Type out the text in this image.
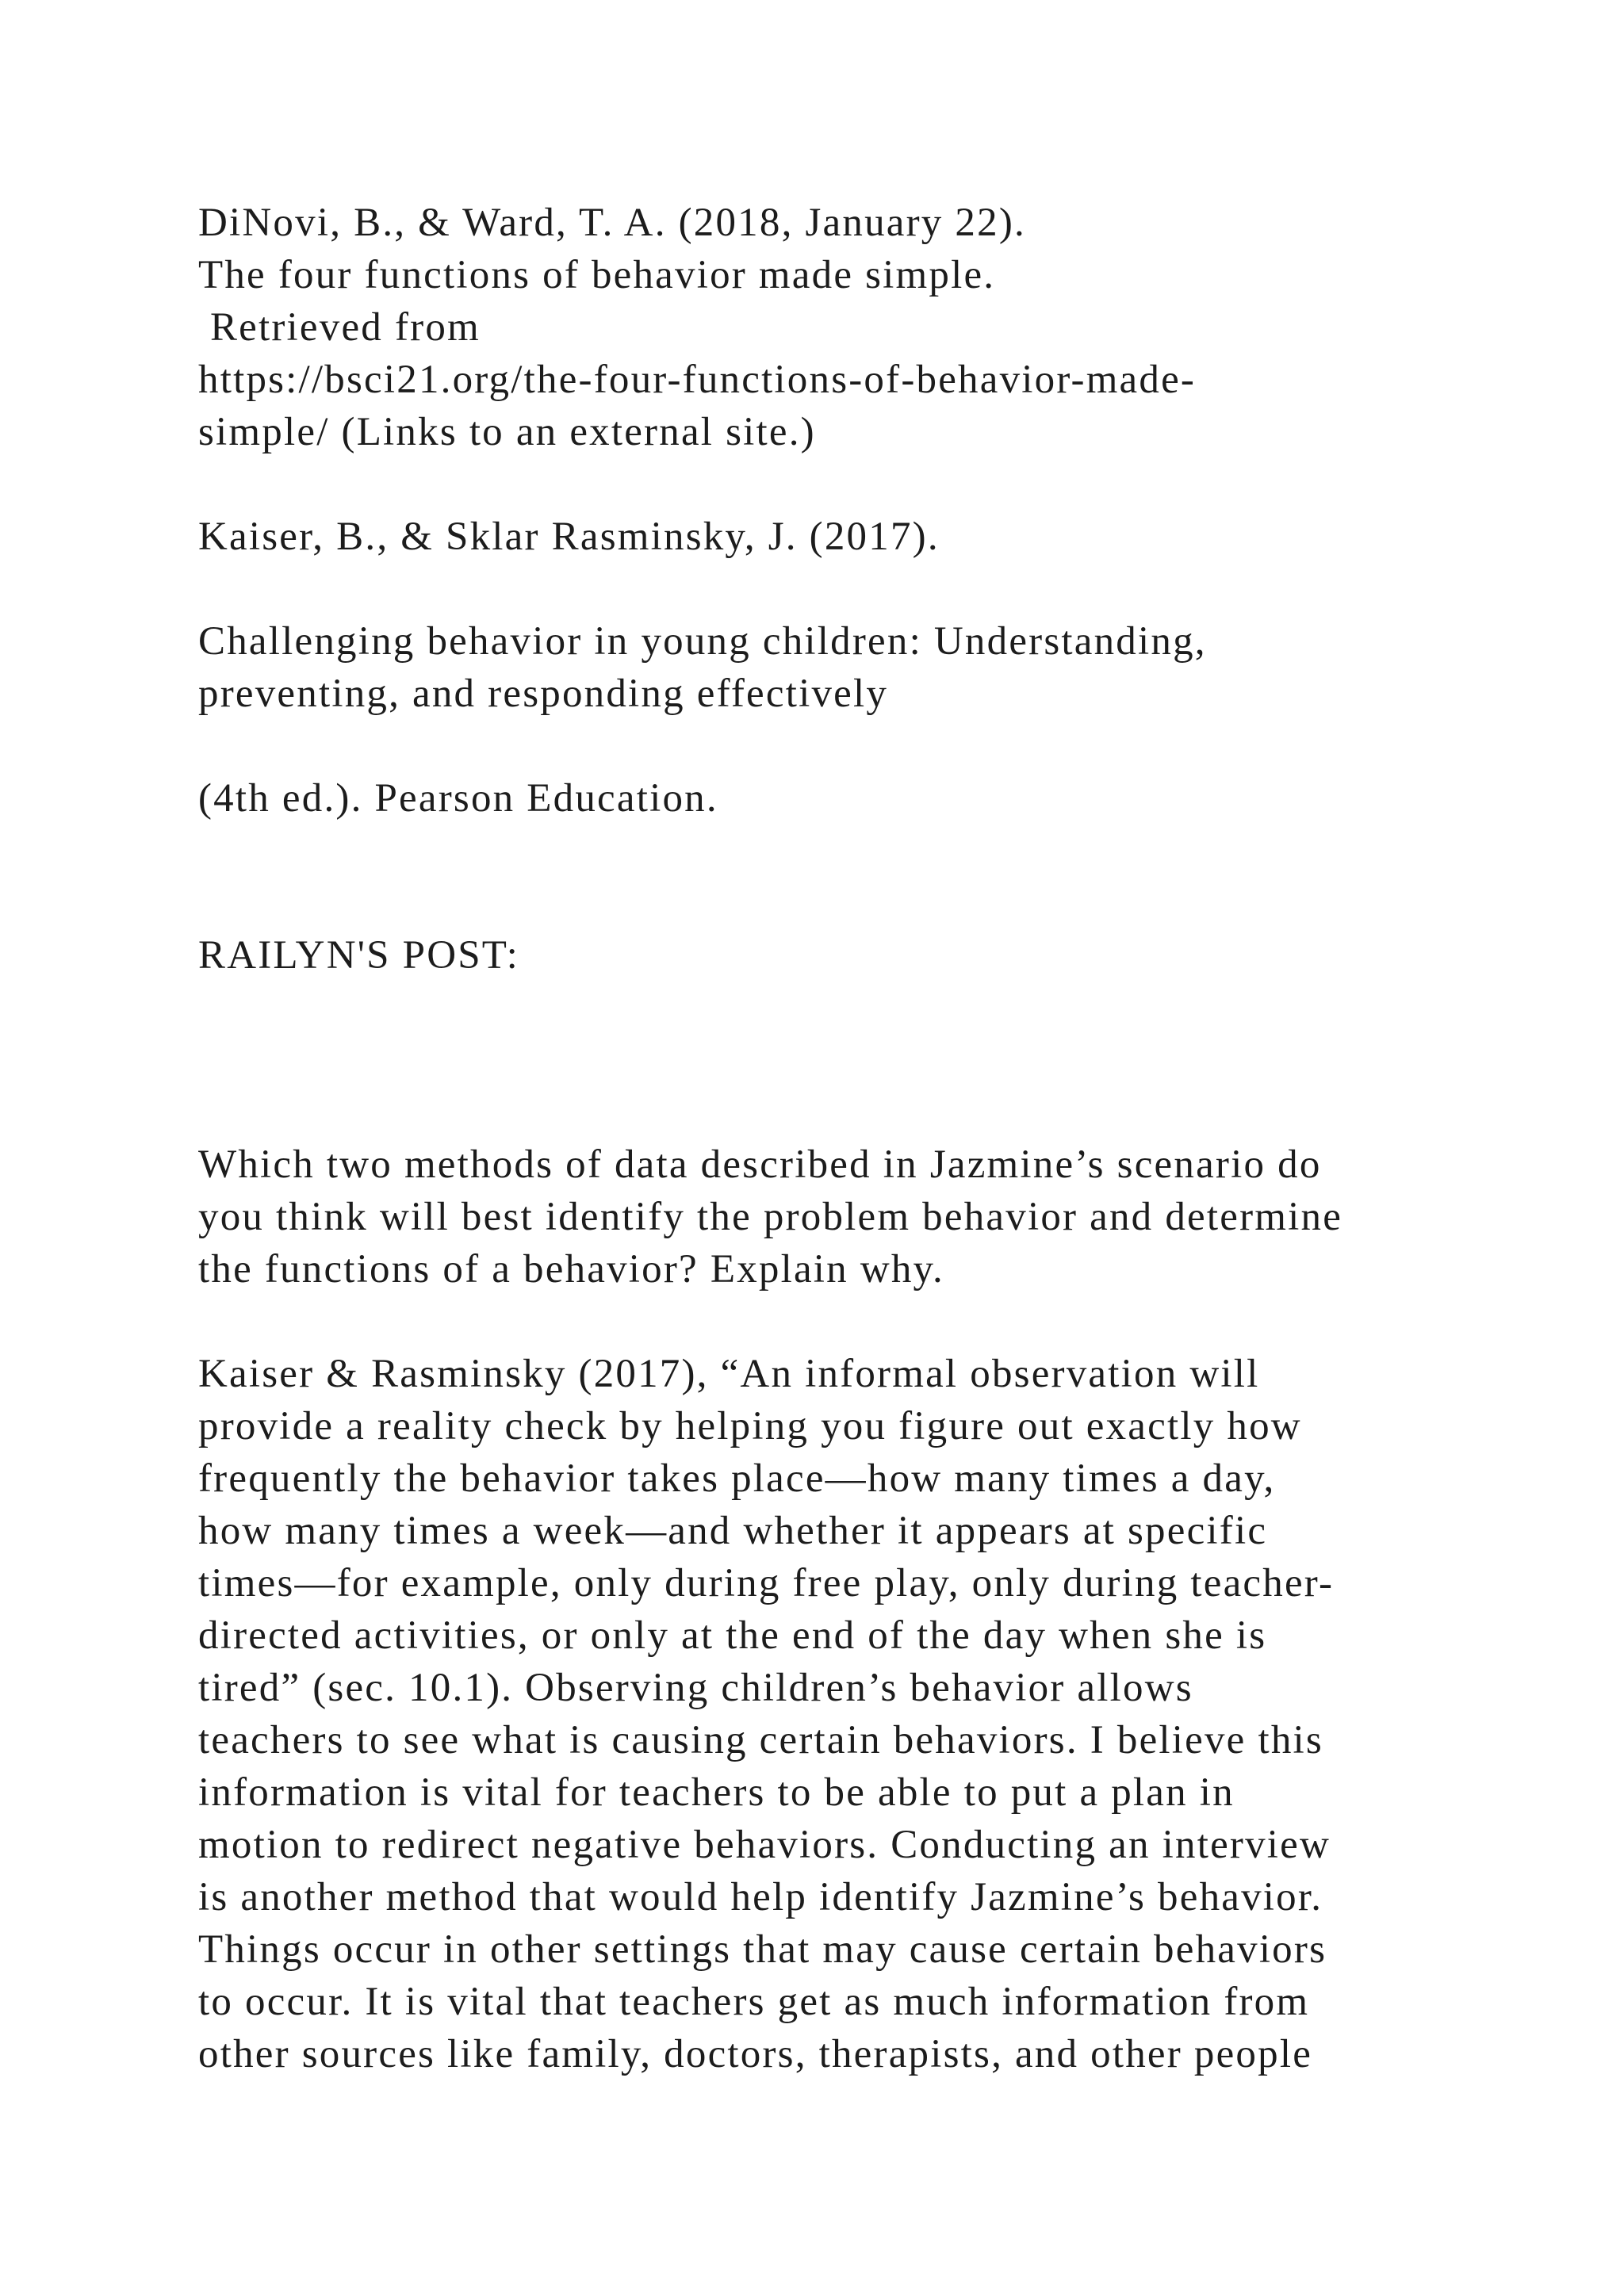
DiNovi, B., & Ward, T. A. (2018, January 22).

The four functions of behavior made simple.

Retrieved from

https://bsci21.org/the-four-functions-of-behavior-made-

simple/ (Links to an external site.)

Kaiser, B., & Sklar Rasminsky, J. (2017).

Challenging behavior in young children: Understanding,

preventing, and responding effectively

(4th ed.). Pearson Education.

RAILYN'S POST:

Which two methods of data described in Jazmine’s scenario do

you think will best identify the problem behavior and determine

the functions of a behavior? Explain why.

Kaiser & Rasminsky (2017), “An informal observation will

provide a reality check by helping you figure out exactly how

frequently the behavior takes place—how many times a day,

how many times a week—and whether it appears at specific

times—for example, only during free play, only during teacher-

directed activities, or only at the end of the day when she is

tired” (sec. 10.1). Observing children’s behavior allows

teachers to see what is causing certain behaviors. I believe this

information is vital for teachers to be able to put a plan in

motion to redirect negative behaviors. Conducting an interview

is another method that would help identify Jazmine’s behavior.

Things occur in other settings that may cause certain behaviors

to occur. It is vital that teachers get as much information from

other sources like family, doctors, therapists, and other people
